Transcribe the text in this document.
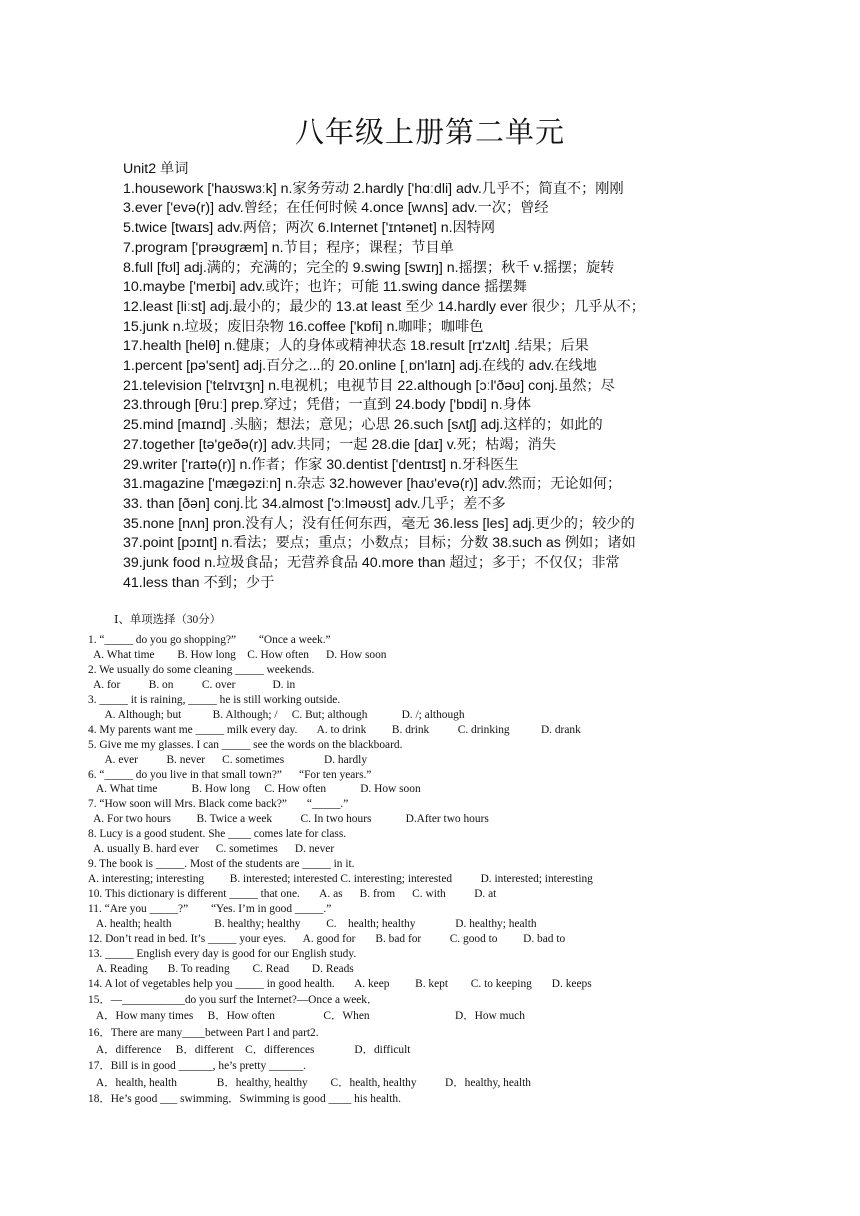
八年级上册第二单元
Unit2 单词
1.housework ['haʊswɜːk] n.家务劳动 2.hardly ['hɑːdli] adv.几乎不；简直不；刚刚
3.ever ['evə(r)] adv.曾经；在任何时候 4.once [wʌns] adv.一次；曾经
5.twice [twaɪs] adv.两倍；两次 6.Internet ['ɪntənet] n.因特网
7.program ['prəʊɡræm] n.节目；程序；课程；节目单
8.full [fʊl] adj.满的；充满的；完全的 9.swing [swɪŋ] n.摇摆；秋千 v.摇摆；旋转
10.maybe ['meɪbi] adv.或许；也许；可能 11.swing dance 摇摆舞
12.least [liːst] adj.最小的；最少的 13.at least 至少 14.hardly ever 很少；几乎从不；
15.junk n.垃圾；废旧杂物 16.coffee ['kɒfi] n.咖啡；咖啡色
17.health [helθ] n.健康；人的身体或精神状态 18.result [rɪ'zʌlt] .结果；后果
1.percent [pə'sent] adj.百分之...的 20.online [ˌɒn'laɪn] adj.在线的 adv.在线地
21.television ['telɪvɪʒn] n.电视机；电视节目 22.although [ɔːl'ðəʊ] conj.虽然；尽
23.through [θruː] prep.穿过；凭借；一直到 24.body ['bɒdi] n.身体
25.mind [maɪnd] .头脑；想法；意见；心思 26.such [sʌtʃ] adj.这样的；如此的
27.together [tə'ɡeðə(r)] adv.共同；一起 28.die [daɪ] v.死；枯竭；消失
29.writer ['raɪtə(r)] n.作者；作家 30.dentist ['dentɪst] n.牙科医生
31.magazine ['mæɡəziːn] n.杂志 32.however [haʊ'evə(r)] adv.然而；无论如何；
33. than [ðən] conj.比 34.almost ['ɔːlməʊst] adv.几乎；差不多
35.none [nʌn] pron.没有人；没有任何东西，毫无 36.less [les] adj.更少的；较少的
37.point [pɔɪnt] n.看法；要点；重点；小数点；目标；分数 38.such as 例如；诸如
39.junk food n.垃圾食品；无营养食品 40.more than 超过；多于；不仅仅；非常
41.less than 不到；少于
Ⅰ、单项选择（30分）
1. “_____ do you go shopping?”        “Once a week.”
A. What time        B. How long    C. How often      D. How soon
2. We usually do some cleaning _____ weekends.
A. for          B. on          C. over             D. in
3. _____ it is raining, _____ he is still working outside.
A. Although; but           B. Although; /     C. But; although            D. /; although
4. My parents want me _____ milk every day.       A. to drink         B. drink          C. drinking           D. drank
5. Give me my glasses. I can _____ see the words on the blackboard.
A. ever          B. never      C. sometimes              D. hardly
6. “_____ do you live in that small town?”      “For ten years.”
A. What time            B. How long     C. How often            D. How soon
7. “How soon will Mrs. Black come back?”       “_____.”
A. For two hours         B. Twice a week          C. In two hours            D.After two hours
8. Lucy is a good student. She ____ comes late for class.
A. usually B. hard ever      C. sometimes      D. never
9. The book is _____. Most of the students are _____ in it.
A. interesting; interesting         B. interested; interested C. interesting; interested          D. interested; interesting
10. This dictionary is different _____ that one.       A. as      B. from      C. with          D. at
11. “Are you _____?”        “Yes. I’m in good _____.”
A. health; health               B. healthy; healthy         C.    health; healthy              D. healthy; health
12. Don’t read in bed. It’s _____ your eyes.      A. good for       B. bad for          C. good to         D. bad to
13. _____ English every day is good for our English study.
A. Reading       B. To reading        C. Read        D. Reads
14. A lot of vegetables help you _____ in good health.       A. keep         B. kept        C. to keeping       D. keeps
15．—___________do you surf the Internet?—Once a week．
A．How many times     B．How often                 C．When                              D．How much
16．There are many____between Part l and part2.
A．difference     B．different    C．differences              D．difficult
17．Bill is in good ______, he’s pretty ______.
A．health, health              B．healthy, healthy        C．health, healthy          D．healthy, health
18．He’s good ___ swimming．Swimming is good ____ his health.
